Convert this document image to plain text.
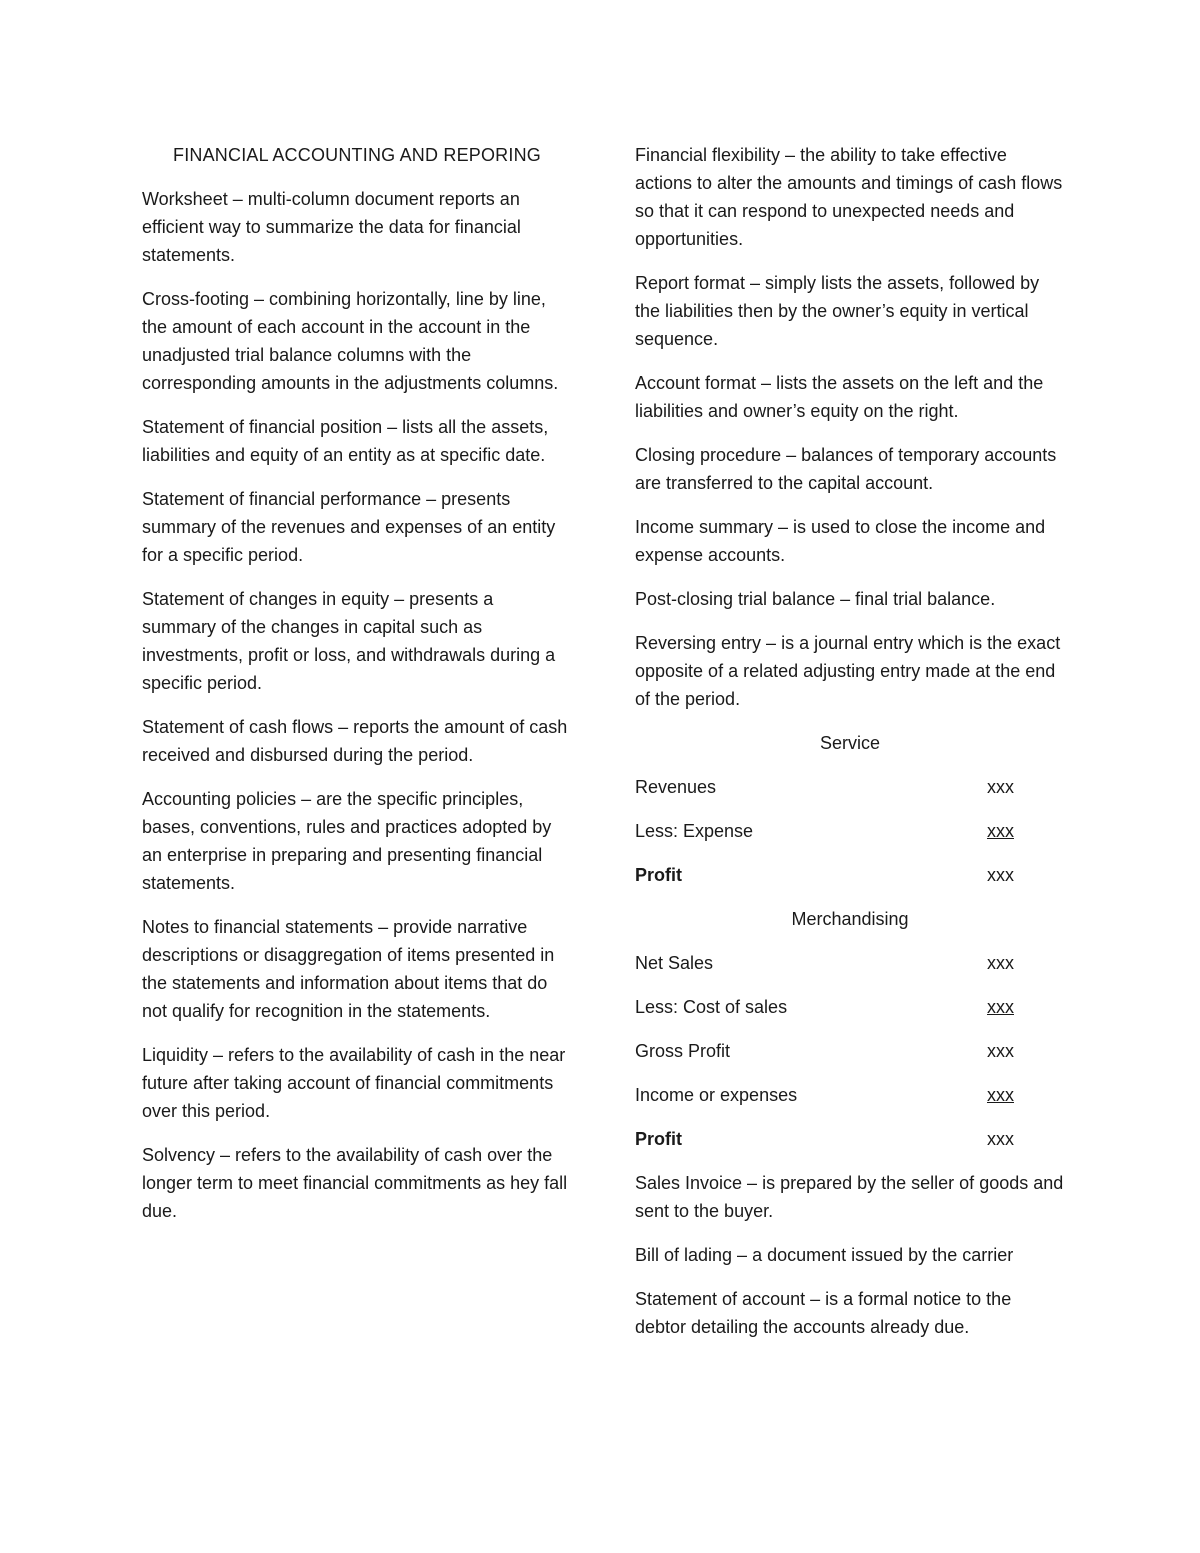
FINANCIAL ACCOUNTING AND REPORING

Worksheet – multi-column document reports an efficient way to summarize the data for financial statements.

Cross-footing – combining horizontally, line by line, the amount of each account in the account in the unadjusted trial balance columns with the corresponding amounts in the adjustments columns.

Statement of financial position – lists all the assets, liabilities and equity of an entity as at specific date.

Statement of financial performance – presents summary of the revenues and expenses of an entity for a specific period.

Statement of changes in equity – presents a summary of the changes in capital such as investments, profit or loss, and withdrawals during a specific period.

Statement of cash flows – reports the amount of cash received and disbursed during the period.

Accounting policies – are the specific principles, bases, conventions, rules and practices adopted by an enterprise in preparing and presenting financial statements.

Notes to financial statements – provide narrative descriptions or disaggregation of items presented in the statements and information about items that do not qualify for recognition in the statements.

Liquidity – refers to the availability of cash in the near future after taking account of financial commitments over this period.

Solvency – refers to the availability of cash over the longer term to meet financial commitments as hey fall due.

Financial flexibility – the ability to take effective actions to alter the amounts and timings of cash flows so that it can respond to unexpected needs and opportunities.

Report format – simply lists the assets, followed by the liabilities then by the owner’s equity in vertical sequence.

Account format – lists the assets on the left and the liabilities and owner’s equity on the right.

Closing procedure – balances of temporary accounts are transferred to the capital account.

Income summary – is used to close the income and expense accounts.

Post-closing trial balance – final trial balance.

Reversing entry – is a journal entry which is the exact opposite of a related adjusting entry made at the end of the period.

Service

Revenues	xxx
Less: Expense	xxx
Profit	xxx

Merchandising

Net Sales	xxx
Less: Cost of sales	xxx
Gross Profit	xxx
Income or expenses	xxx
Profit	xxx

Sales Invoice – is prepared by the seller of goods and sent to the buyer.

Bill of lading – a document issued by the carrier

Statement of account – is a formal notice to the debtor detailing the accounts already due.
